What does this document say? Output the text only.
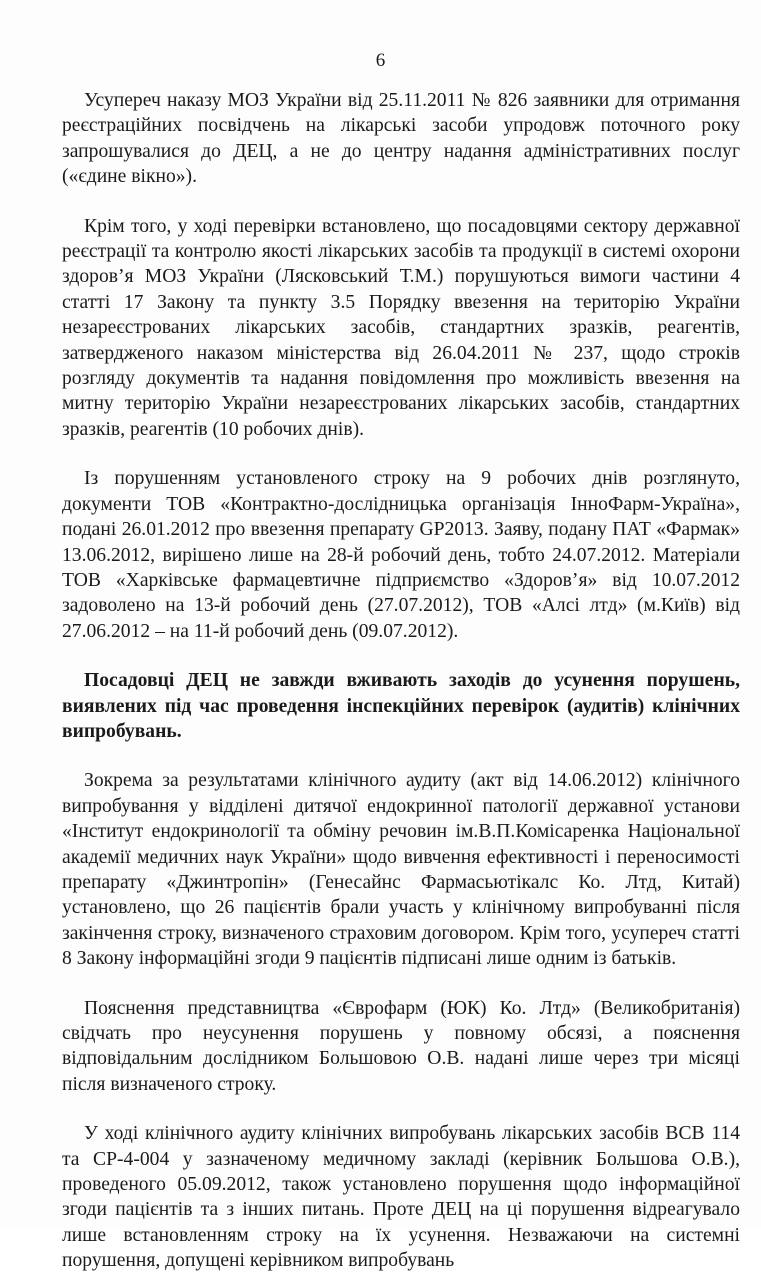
6

Усупереч наказу МОЗ України від 25.11.2011 № 826 заявники для отримання реєстраційних посвідчень на лікарські засоби упродовж поточного року запрошувалися до ДЕЦ, а не до центру надання адміністративних послуг («єдине вікно»).

Крім того, у ході перевірки встановлено, що посадовцями сектору державної реєстрації та контролю якості лікарських засобів та продукції в системі охорони здоров’я МОЗ України (Лясковський Т.М.) порушуються вимоги частини 4 статті 17 Закону та пункту 3.5 Порядку ввезення на територію України незареєстрованих лікарських засобів, стандартних зразків, реагентів, затвердженого наказом міністерства від 26.04.2011 № 237, щодо строків розгляду документів та надання повідомлення про можливість ввезення на митну територію України незареєстрованих лікарських засобів, стандартних зразків, реагентів (10 робочих днів).

Із порушенням установленого строку на 9 робочих днів розглянуто, документи ТОВ «Контрактно-дослідницька організація ІнноФарм-Україна», подані 26.01.2012 про ввезення препарату GP2013. Заяву, подану ПАТ «Фармак» 13.06.2012, вирішено лише на 28-й робочий день, тобто 24.07.2012. Матеріали ТОВ «Харківське фармацевтичне підприємство «Здоров’я» від 10.07.2012 задоволено на 13-й робочий день (27.07.2012), ТОВ «Алсі лтд» (м.Київ) від 27.06.2012 – на 11-й робочий день (09.07.2012).

Посадовці ДЕЦ не завжди вживають заходів до усунення порушень, виявлених під час проведення інспекційних перевірок (аудитів) клінічних випробувань.

Зокрема за результатами клінічного аудиту (акт від 14.06.2012) клінічного випробування у відділені дитячої ендокринної патології державної установи «Інститут ендокринології та обміну речовин ім.В.П.Комісаренка Національної академії медичних наук України» щодо вивчення ефективності і переносимості препарату «Джинтропін» (Генесайнс Фармасьютікалс Ко. Лтд, Китай) установлено, що 26 пацієнтів брали участь у клінічному випробуванні після закінчення строку, визначеного страховим договором. Крім того, усупереч статті 8 Закону інформаційні згоди 9 пацієнтів підписані лише одним із батьків.

Пояснення представництва «Єврофарм (ЮК) Ко. Лтд» (Великобританія) свідчать про неусунення порушень у повному обсязі, а пояснення відповідальним дослідником Большовою О.В. надані лише через три місяці після визначеного строку.

У ході клінічного аудиту клінічних випробувань лікарських засобів ВСВ 114 та СР-4-004 у зазначеному медичному закладі (керівник Большова О.В.), проведеного 05.09.2012, також установлено порушення щодо інформаційної згоди пацієнтів та з інших питань. Проте ДЕЦ на ці порушення відреагувало лише встановленням строку на їх усунення. Незважаючи на системні порушення, допущені керівником випробувань
